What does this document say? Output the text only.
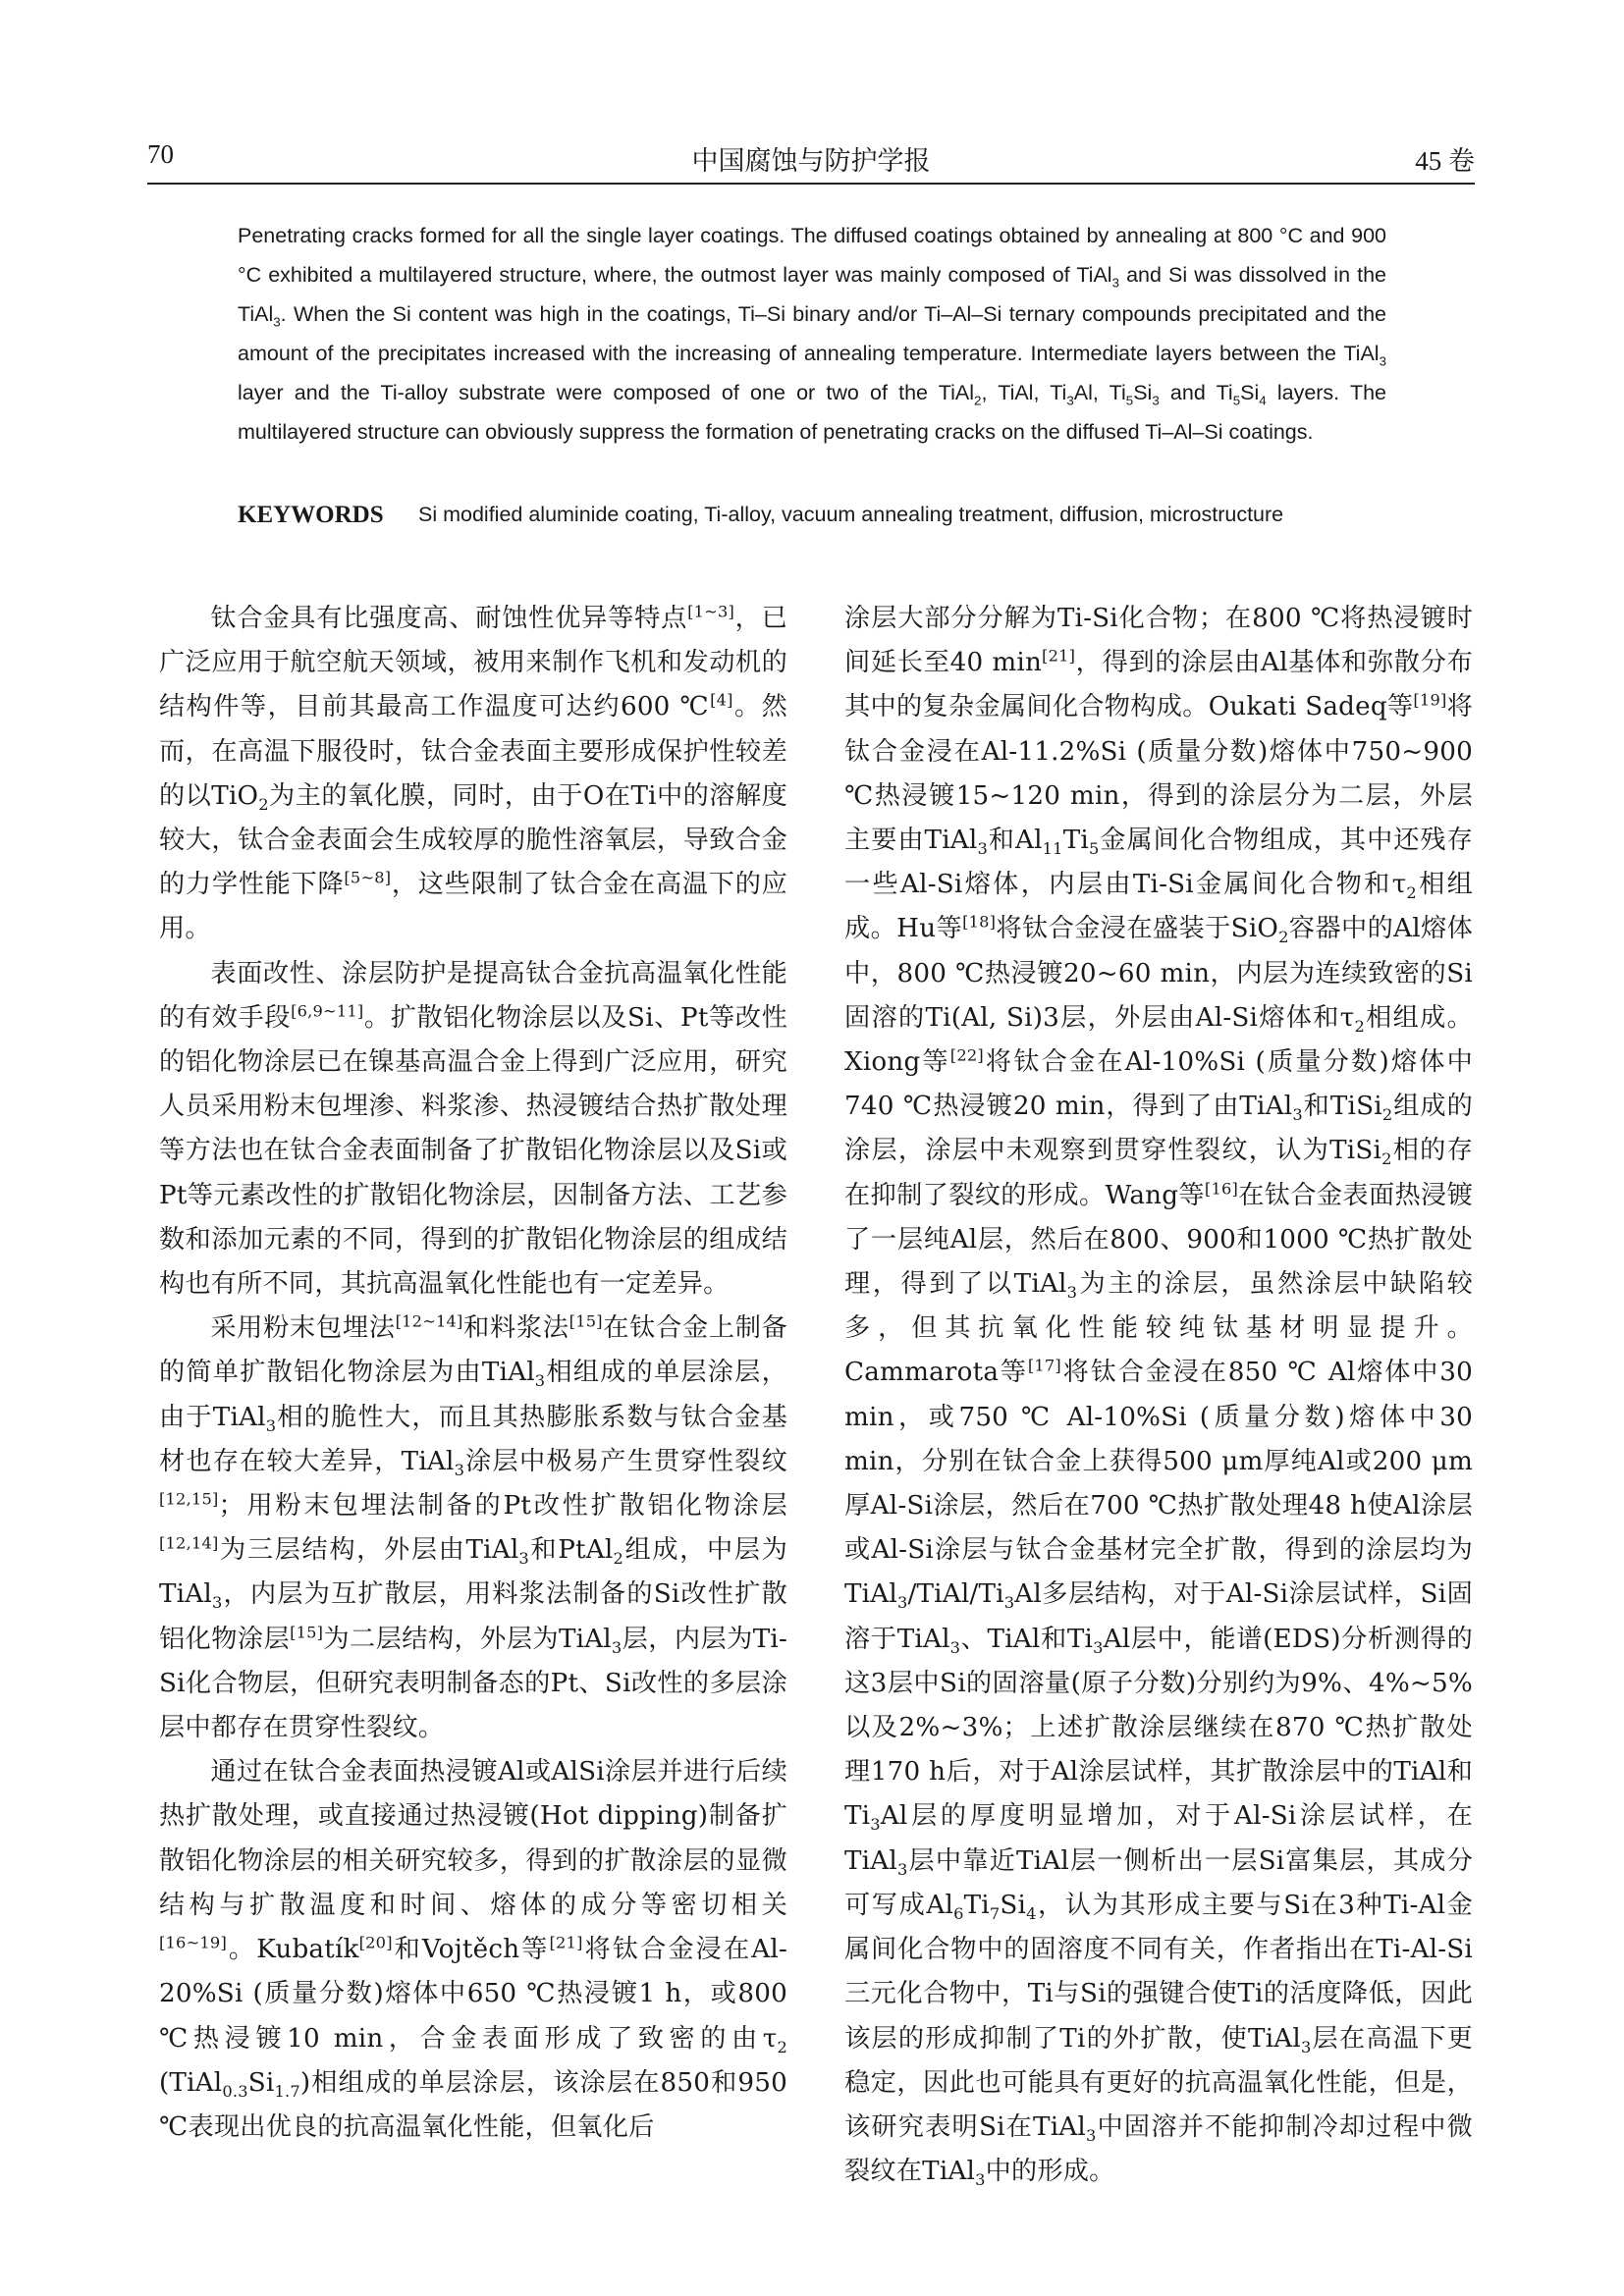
70	中国腐蚀与防护学报	45 卷

Penetrating cracks formed for all the single layer coatings. The diffused coatings obtained by annealing at 800 °C and 900 °C exhibited a multilayered structure, where, the outmost layer was mainly composed of TiAl$_3$ and Si was dissolved in the TiAl$_3$. When the Si content was high in the coatings, Ti–Si binary and/or Ti–Al–Si ternary compounds precipitated and the amount of the precipitates increased with the increasing of annealing temperature. Intermediate layers between the TiAl$_3$ layer and the Ti-alloy substrate were composed of one or two of the TiAl$_2$, TiAl, $Ti_3Al$, $Ti_5Si_3$ and $Ti_5Si_4$ layers. The multilayered structure can obviously suppress the formation of penetrating cracks on the diffused Ti–Al–Si coatings.

KEYWORDS Si modified aluminide coating, Ti-alloy, vacuum annealing treatment, diffusion, microstructure

钛合金具有比强度高、耐蚀性优异等特点[1~3]，已广泛应用于航空航天领域，被用来制作飞机和发动机的结构件等，目前其最高工作温度可达约600 ℃[4]。然而，在高温下服役时，钛合金表面主要形成保护性较差的以TiO$_2$为主的氧化膜，同时，由于O在Ti中的溶解度较大，钛合金表面会生成较厚的脆性溶氧层，导致合金的力学性能下降[5~8]，这些限制了钛合金在高温下的应用。

表面改性、涂层防护是提高钛合金抗高温氧化性能的有效手段[6,9~11]。扩散铝化物涂层以及Si、Pt等改性的铝化物涂层已在镍基高温合金上得到广泛应用，研究人员采用粉末包埋渗、料浆渗、热浸镀结合热扩散处理等方法也在钛合金表面制备了扩散铝化物涂层以及Si或Pt等元素改性的扩散铝化物涂层，因制备方法、工艺参数和添加元素的不同，得到的扩散铝化物涂层的组成结构也有所不同，其抗高温氧化性能也有一定差异。

采用粉末包埋法[12~14]和料浆法[15]在钛合金上制备的简单扩散铝化物涂层为由TiAl$_3$相组成的单层涂层，由于TiAl$_3$相的脆性大，而且其热膨胀系数与钛合金基材也存在较大差异，TiAl$_3$涂层中极易产生贯穿性裂纹[12,15]；用粉末包埋法制备的Pt改性扩散铝化物涂层[12,14]为三层结构，外层由TiAl$_3$和PtAl$_2$组成，中层为TiAl$_3$，内层为互扩散层，用料浆法制备的Si改性扩散铝化物涂层[15]为二层结构，外层为TiAl$_3$层，内层为Ti-Si化合物层，但研究表明制备态的Pt、Si改性的多层涂层中都存在贯穿性裂纹。

通过在钛合金表面热浸镀Al或AlSi涂层并进行后续热扩散处理，或直接通过热浸镀(Hot dipping)制备扩散铝化物涂层的相关研究较多，得到的扩散涂层的显微结构与扩散温度和时间、熔体的成分等密切相关[16~19]。Kubatík[20]和Vojtěch等[21]将钛合金浸在Al-20%Si (质量分数)熔体中650 ℃热浸镀1 h，或800 ℃热浸镀10 min，合金表面形成了致密的由$\tau_2$ $(TiAl_{0.3}Si_{1.7})$相组成的单层涂层，该涂层在850和950 ℃表现出优良的抗高温氧化性能，但氧化后

涂层大部分分解为Ti-Si化合物；在800 ℃将热浸镀时间延长至40 min[21]，得到的涂层由Al基体和弥散分布其中的复杂金属间化合物构成。Oukati Sadeq等[19]将钛合金浸在Al-11.2%Si (质量分数)熔体中750~900 ℃热浸镀15~120 min，得到的涂层分为二层，外层主要由TiAl$_3$和$Al_{11}Ti_5$金属间化合物组成，其中还残存一些Al-Si熔体，内层由Ti-Si金属间化合物和$\tau_2$相组成。Hu等[18]将钛合金浸在盛装于SiO$_2$容器中的Al熔体中，800 ℃热浸镀20~60 min，内层为连续致密的Si固溶的Ti(Al, Si)3层，外层由Al-Si熔体和$\tau_2$相组成。Xiong等[22]将钛合金在Al-10%Si (质量分数)熔体中740 ℃热浸镀20 min，得到了由TiAl$_3$和TiSi$_2$组成的涂层，涂层中未观察到贯穿性裂纹，认为TiSi$_2$相的存在抑制了裂纹的形成。Wang等[16]在钛合金表面热浸镀了一层纯Al层，然后在800、900和1000 ℃热扩散处理，得到了以TiAl$_3$为主的涂层，虽然涂层中缺陷较多，但其抗氧化性能较纯钛基材明显提升。Cammarota等[17]将钛合金浸在850 ℃ Al熔体中30 min，或750 ℃ Al-10%Si (质量分数)熔体中30 min，分别在钛合金上获得500 μm厚纯Al或200 μm厚Al-Si涂层，然后在700 ℃热扩散处理48 h使Al涂层或Al-Si涂层与钛合金基材完全扩散，得到的涂层均为$TiAl_3/TiAl/Ti_3Al$多层结构，对于Al-Si涂层试样，Si固溶于TiAl$_3$、TiAl和$Ti_3Al$层中，能谱(EDS)分析测得的这3层中Si的固溶量(原子分数)分别约为9%、4%~5%以及2%~3%；上述扩散涂层继续在870 ℃热扩散处理170 h后，对于Al涂层试样，其扩散涂层中的TiAl和$Ti_3Al$层的厚度明显增加，对于Al-Si涂层试样，在TiAl$_3$层中靠近TiAl层一侧析出一层Si富集层，其成分可写成$Al_6Ti_7Si_4$，认为其形成主要与Si在3种Ti-Al金属间化合物中的固溶度不同有关，作者指出在Ti-Al-Si三元化合物中，Ti与Si的强键合使Ti的活度降低，因此该层的形成抑制了Ti的外扩散，使TiAl$_3$层在高温下更稳定，因此也可能具有更好的抗高温氧化性能，但是，该研究表明Si在TiAl$_3$中固溶并不能抑制冷却过程中微裂纹在TiAl$_3$中的形成。
